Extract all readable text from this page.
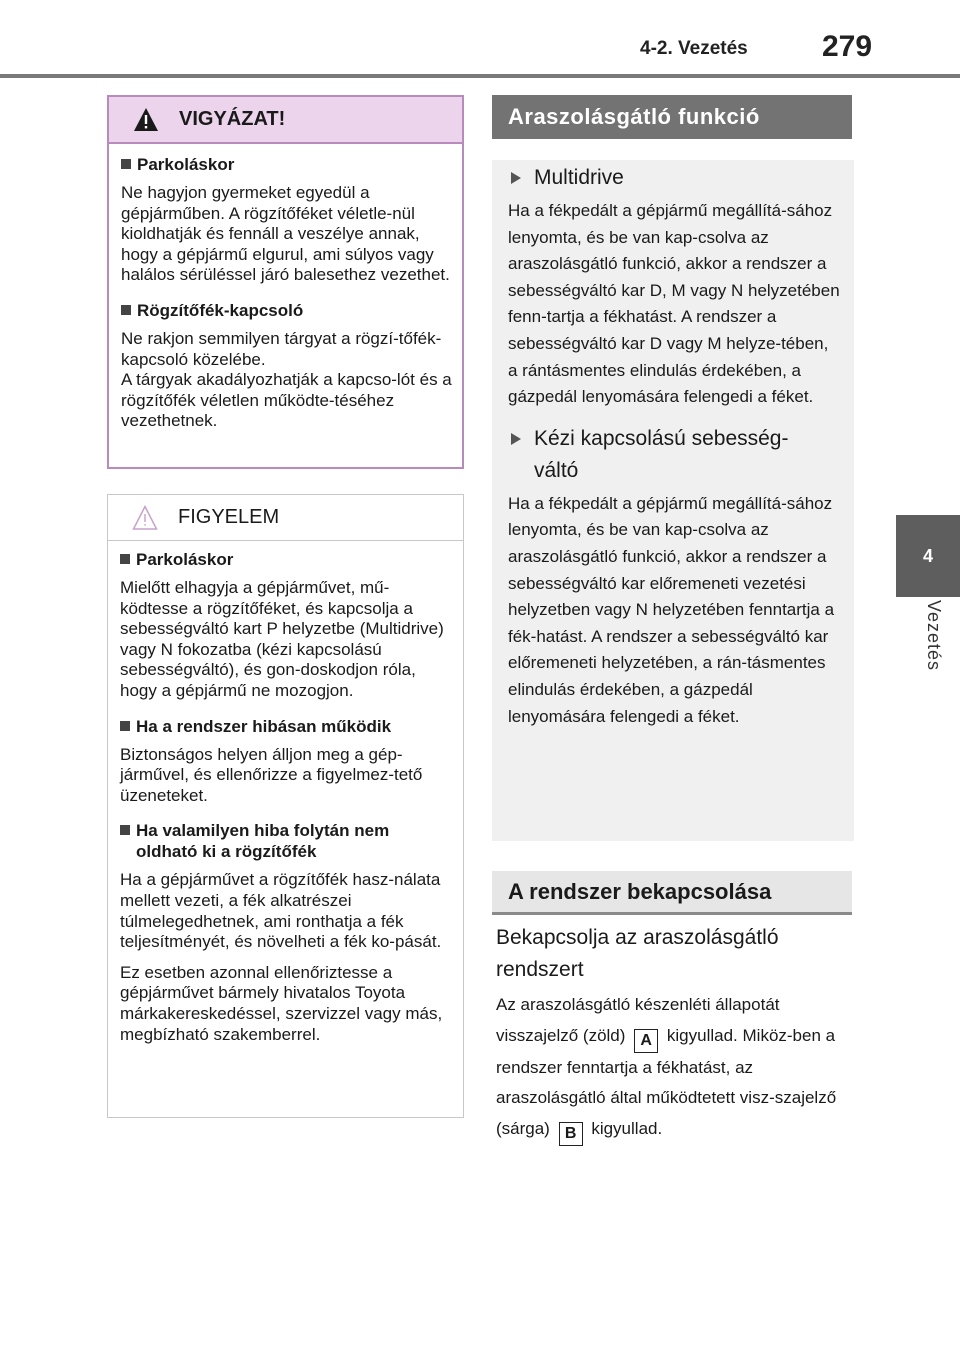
4-2. Vezetés 279
4
Vezetés
VIGYÁZAT!
Parkoláskor

Ne hagyjon gyermeket egyedül a gépjárműben. A rögzítőféket véletle-nül kioldhatják és fennáll a veszélye annak, hogy a gépjármű elgurul, ami súlyos vagy halálos sérüléssel járó balesethez vezethet.

Rögzítőfék-kapcsoló

Ne rakjon semmilyen tárgyat a rögzí-tőfék-kapcsoló közelébe.
A tárgyak akadályozhatják a kapcso-lót és a rögzítőfék véletlen működte-téséhez vezethetnek.

FIGYELEM
Parkoláskor

Mielőtt elhagyja a gépjárművet, mű-ködtesse a rögzítőféket, és kapcsolja a sebességváltó kart P helyzetbe (Multidrive) vagy N fokozatba (kézi kapcsolású sebességváltó), és gon-doskodjon róla, hogy a gépjármű ne mozogjon.

Ha a rendszer hibásan működik

Biztonságos helyen álljon meg a gép-járművel, és ellenőrizze a figyelmez-tető üzeneteket.

Ha valamilyen hiba folytán nem oldható ki a rögzítőfék

Ha a gépjárművet a rögzítőfék hasz-nálata mellett vezeti, a fék alkatrészei túlmelegedhetnek, ami ronthatja a fék teljesítményét, és növelheti a fék ko-pását.

Ez esetben azonnal ellenőriztesse a gépjárművet bármely hivatalos Toyota márkakereskedéssel, szervizzel vagy más, megbízható szakemberrel.

Araszolásgátló funkció
Multidrive

Ha a fékpedált a gépjármű megállítá-sához lenyomta, és be van kap-csolva az araszolásgátló funkció, akkor a rendszer a sebességváltó kar D, M vagy N helyzetében fenn-tartja a fékhatást. A rendszer a sebességváltó kar D vagy M helyze-tében, a rántásmentes elindulás érdekében, a gázpedál lenyomására felengedi a féket.

Kézi kapcsolású sebesség-váltó

Ha a fékpedált a gépjármű megállítá-sához lenyomta, és be van kap-csolva az araszolásgátló funkció, akkor a rendszer a sebességváltó kar előremeneti vezetési helyzetben vagy N helyzetében fenntartja a fék-hatást. A rendszer a sebességváltó kar előremeneti helyzetében, a rán-tásmentes elindulás érdekében, a gázpedál lenyomására felengedi a féket.

A rendszer bekapcsolása
Bekapcsolja az araszolásgátló rendszert
Az araszolásgátló készenléti állapotát visszajelző (zöld) A kigyullad. Miköz-ben a rendszer fenntartja a fékhatást, az araszolásgátló által működtetett visz-szajelző (sárga) B kigyullad.
